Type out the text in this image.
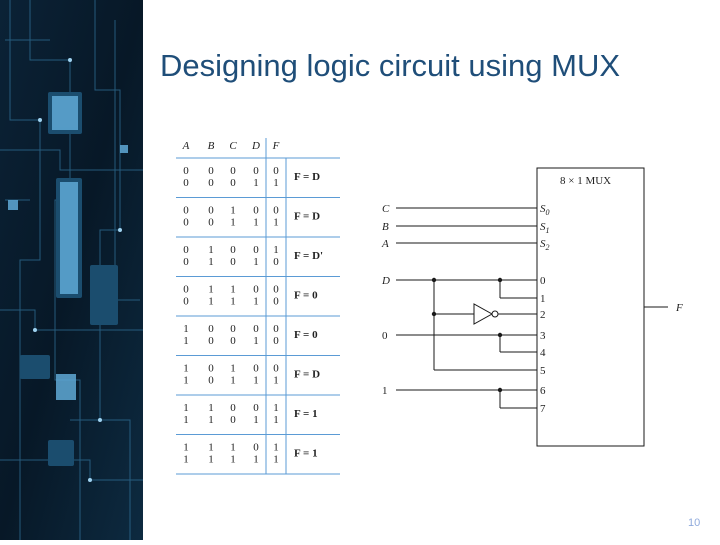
Designing logic circuit using MUX
A B C D F
0 0 0 0 0
0 0 0 1 1 F = D
0 0 1 0 0
0 0 1 1 1 F = D
0 1 0 0 1
0 1 0 1 0 F = D'
0 1 1 0 0
0 1 1 1 0 F = 0
1 0 0 0 0
1 0 0 1 0 F = 0
1 0 1 0 0
1 0 1 1 1 F = D
1 1 0 0 1
1 1 0 1 1 F = 1
1 1 1 0 1
1 1 1 1 1 F = 1
8 × 1 MUX
$S_0$
$S_1$
$S_2$
C
B
A
0
1
2
3
4
5
6
7
D
0
1
F
10
